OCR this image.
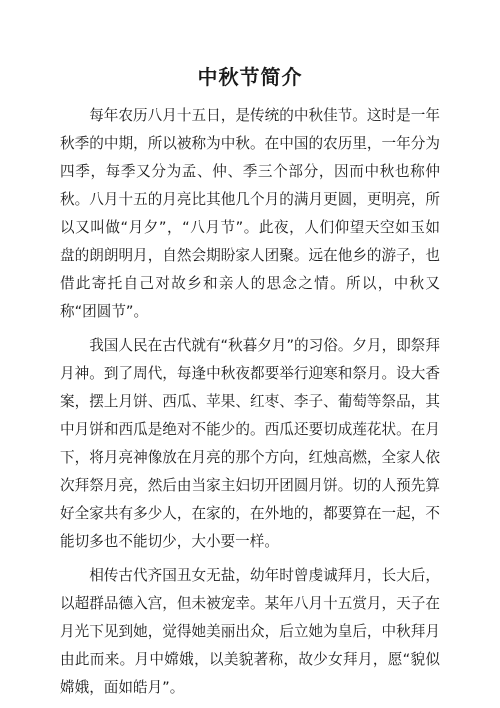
中秋节简介

每年农历八月十五日，是传统的中秋佳节。这时是一年秋季的中期，所以被称为中秋。在中国的农历里，一年分为四季，每季又分为孟、仲、季三个部分，因而中秋也称仲秋。八月十五的月亮比其他几个月的满月更圆，更明亮，所以又叫做“月夕”，“八月节”。此夜，人们仰望天空如玉如盘的朗朗明月，自然会期盼家人团聚。远在他乡的游子，也借此寄托自己对故乡和亲人的思念之情。所以，中秋又称“团圆节”。

我国人民在古代就有“秋暮夕月”的习俗。夕月，即祭拜月神。到了周代，每逢中秋夜都要举行迎寒和祭月。设大香案，摆上月饼、西瓜、苹果、红枣、李子、葡萄等祭品，其中月饼和西瓜是绝对不能少的。西瓜还要切成莲花状。在月下，将月亮神像放在月亮的那个方向，红烛高燃，全家人依次拜祭月亮，然后由当家主妇切开团圆月饼。切的人预先算好全家共有多少人，在家的，在外地的，都要算在一起，不能切多也不能切少，大小要一样。

相传古代齐国丑女无盐，幼年时曾虔诚拜月，长大后，以超群品德入宫，但未被宠幸。某年八月十五赏月，天子在月光下见到她，觉得她美丽出众，后立她为皇后，中秋拜月由此而来。月中嫦娥，以美貌著称，故少女拜月，愿“貌似嫦娥，面如皓月”。
